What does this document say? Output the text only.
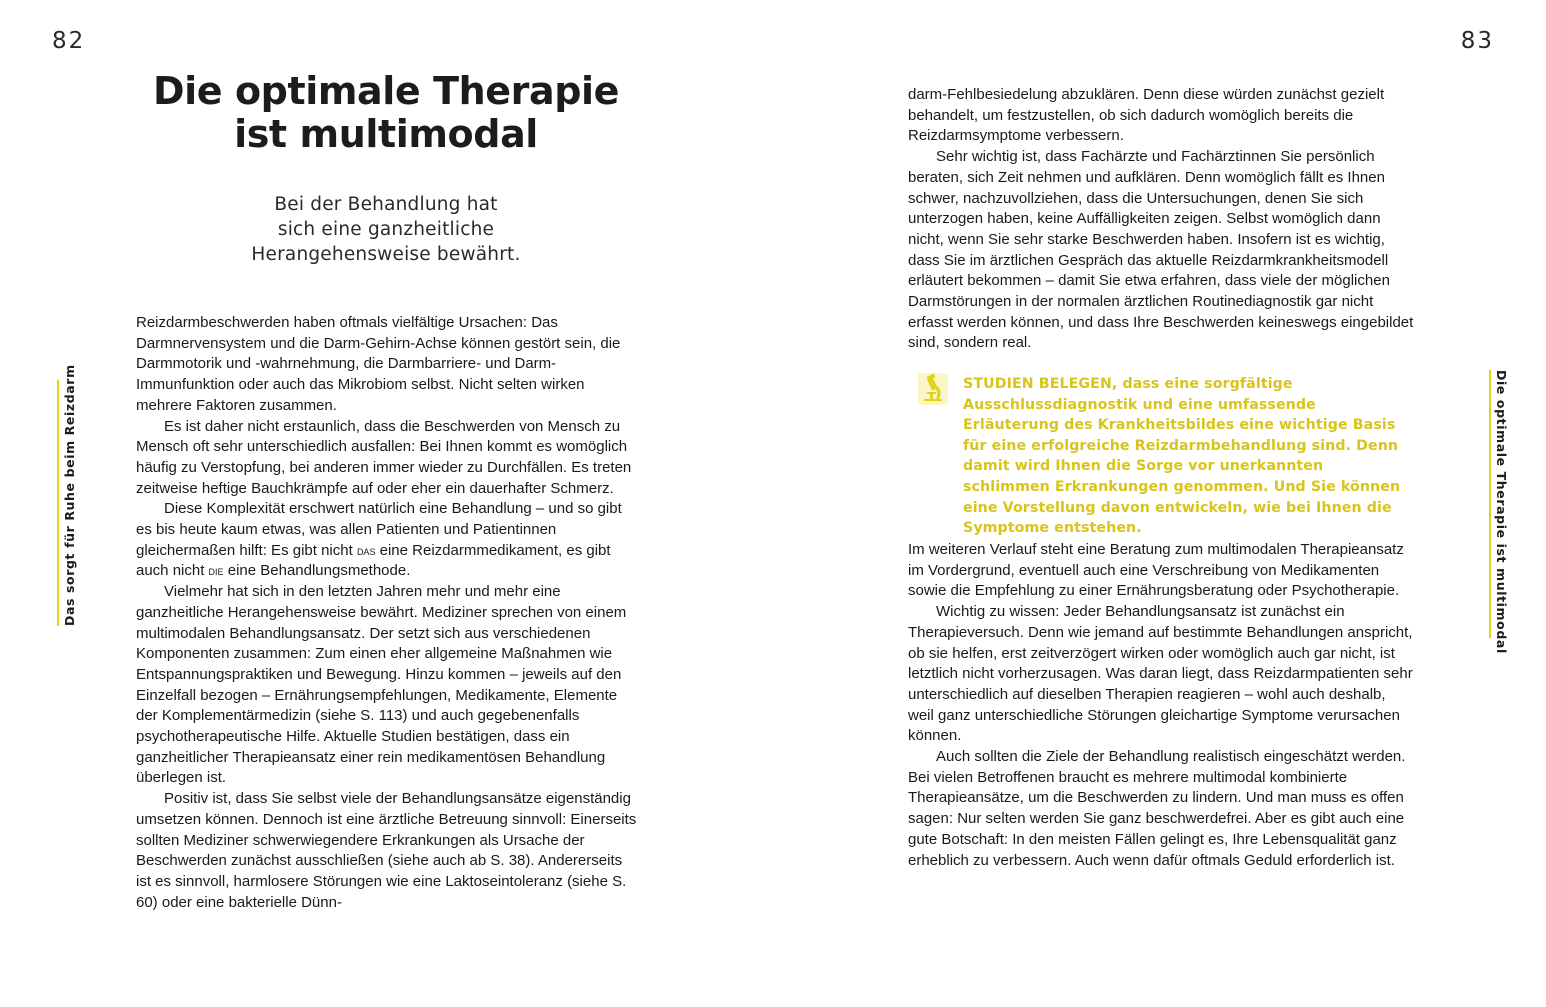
82
Das sorgt für Ruhe beim Reizdarm
Die optimale Therapie
ist multimodal

Bei der Behandlung hat
sich eine ganzheitliche
Herangehensweise bewährt.

Reizdarmbeschwerden haben oftmals vielfältige Ursachen: Das Darmnervensystem und die Darm-Gehirn-Achse können gestört sein, die Darmmotorik und -wahrnehmung, die Darmbarriere- und Darm-Immunfunktion oder auch das Mikrobiom selbst. Nicht selten wirken mehrere Faktoren zusammen.

Es ist daher nicht erstaunlich, dass die Beschwerden von Mensch zu Mensch oft sehr unterschiedlich ausfallen: Bei Ihnen kommt es womöglich häufig zu Verstopfung, bei anderen immer wieder zu Durchfällen. Es treten zeitweise heftige Bauchkrämpfe auf oder eher ein dauerhafter Schmerz.

Diese Komplexität erschwert natürlich eine Behandlung – und so gibt es bis heute kaum etwas, was allen Patienten und Patientinnen gleichermaßen hilft: Es gibt nicht das eine Reizdarmmedikament, es gibt auch nicht die eine Behandlungsmethode.

Vielmehr hat sich in den letzten Jahren mehr und mehr eine ganzheitliche Herangehensweise bewährt. Mediziner sprechen von einem multimodalen Behandlungsansatz. Der setzt sich aus verschiedenen Komponenten zusammen: Zum einen eher allgemeine Maßnahmen wie Entspannungspraktiken und Bewegung. Hinzu kommen – jeweils auf den Einzelfall bezogen – Ernährungsempfehlungen, Medikamente, Elemente der Komplementärmedizin (siehe S. 113) und auch gegebenenfalls psychotherapeutische Hilfe. Aktuelle Studien bestätigen, dass ein ganzheitlicher Therapieansatz einer rein medikamentösen Behandlung überlegen ist.

Positiv ist, dass Sie selbst viele der Behandlungsansätze eigenständig umsetzen können. Dennoch ist eine ärztliche Betreuung sinnvoll: Einerseits sollten Mediziner schwerwiegendere Erkrankungen als Ursache der Beschwerden zunächst ausschließen (siehe auch ab S. 38). Andererseits ist es sinnvoll, harmlosere Störungen wie eine Laktoseintoleranz (siehe S. 60) oder eine bakterielle Dünn-

83
Die optimale Therapie ist multimodal

darm-Fehlbesiedelung abzuklären. Denn diese würden zunächst gezielt behandelt, um festzustellen, ob sich dadurch womöglich bereits die Reizdarmsymptome verbessern.

Sehr wichtig ist, dass Fachärzte und Fachärztinnen Sie persönlich beraten, sich Zeit nehmen und aufklären. Denn womöglich fällt es Ihnen schwer, nachzuvollziehen, dass die Untersuchungen, denen Sie sich unterzogen haben, keine Auffälligkeiten zeigen. Selbst womöglich dann nicht, wenn Sie sehr starke Beschwerden haben. Insofern ist es wichtig, dass Sie im ärztlichen Gespräch das aktuelle Reizdarmkrankheitsmodell erläutert bekommen – damit Sie etwa erfahren, dass viele der möglichen Darmstörungen in der normalen ärztlichen Routinediagnostik gar nicht erfasst werden können, und dass Ihre Beschwerden keineswegs eingebildet sind, sondern real.

STUDIEN BELEGEN, dass eine sorgfältige Ausschlussdiagnostik und eine umfassende Erläuterung des Krankheitsbildes eine wichtige Basis für eine erfolgreiche Reizdarmbehandlung sind. Denn damit wird Ihnen die Sorge vor unerkannten schlimmen Erkrankungen genommen. Und Sie können eine Vorstellung davon entwickeln, wie bei Ihnen die Symptome entstehen.

Im weiteren Verlauf steht eine Beratung zum multimodalen Therapieansatz im Vordergrund, eventuell auch eine Verschreibung von Medikamenten sowie die Empfehlung zu einer Ernährungsberatung oder Psychotherapie.

Wichtig zu wissen: Jeder Behandlungsansatz ist zunächst ein Therapieversuch. Denn wie jemand auf bestimmte Behandlungen anspricht, ob sie helfen, erst zeitverzögert wirken oder womöglich auch gar nicht, ist letztlich nicht vorherzusagen. Was daran liegt, dass Reizdarmpatienten sehr unterschiedlich auf dieselben Therapien reagieren – wohl auch deshalb, weil ganz unterschiedliche Störungen gleichartige Symptome verursachen können.

Auch sollten die Ziele der Behandlung realistisch eingeschätzt werden. Bei vielen Betroffenen braucht es mehrere multimodal kombinierte Therapieansätze, um die Beschwerden zu lindern. Und man muss es offen sagen: Nur selten werden Sie ganz beschwerdefrei. Aber es gibt auch eine gute Botschaft: In den meisten Fällen gelingt es, Ihre Lebensqualität ganz erheblich zu verbessern. Auch wenn dafür oftmals Geduld erforderlich ist.
